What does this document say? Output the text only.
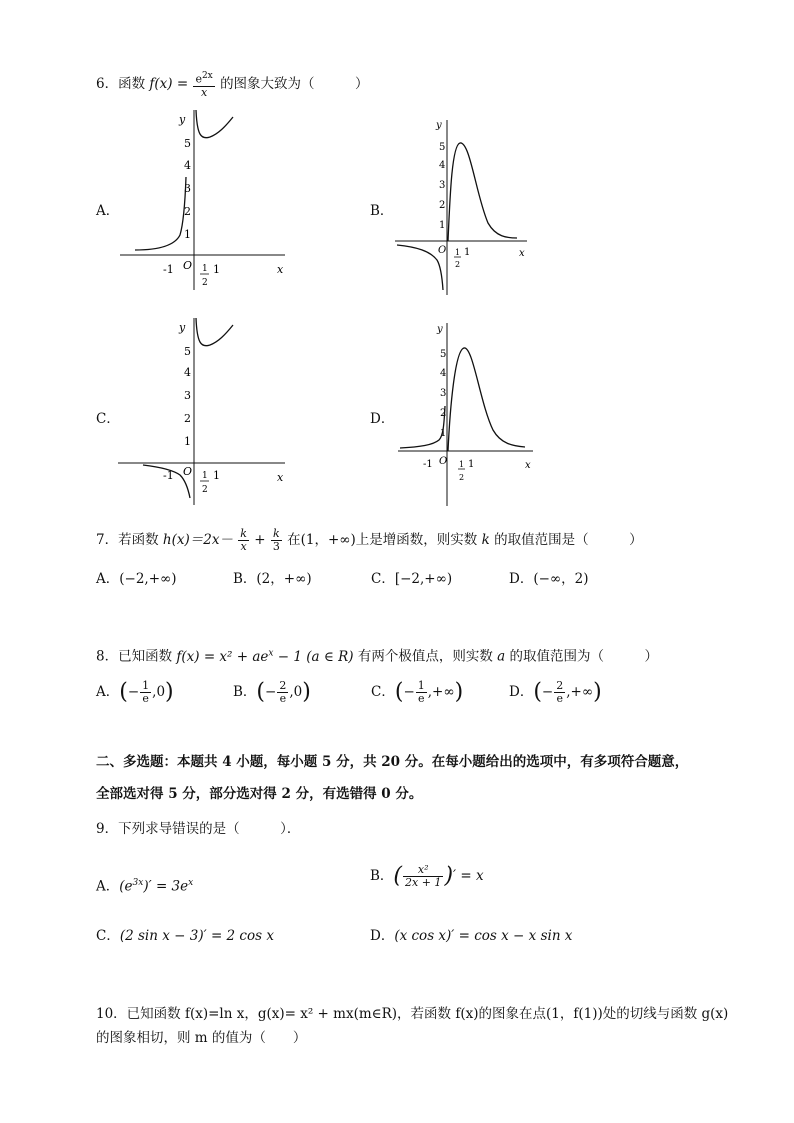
6．函数 $f(x) = \frac{e^{2x}}{x}$ 的图象大致为（　　　）
A．	B．
C．	D．
y
x
O
1
2
3
4
5
-1	1
2
1
y
x
O
1
2
3
4
5
1
2
1
y
x
O
1
2
3
4
5
-1	1
2
1
y
x
O
1
2
3
4
5
-1	1
2
1
7．若函数 $h(x)=2x- \frac{k}{x} + \frac{k}{3}$ 在(1，+∞)上是增函数，则实数 k 的取值范围是（　　　）
A．(−2,+∞)	B．(2，+∞)	C．[−2,+∞)	D．(−∞，2)
8．已知函数 $f(x) = x^2 + ae^x - 1$ (a ∈ R) 有两个极值点，则实数 a 的取值范围为（　　　）
A．(− $\frac{1}{e} ,0$)	B．(− $\frac{2}{e} ,0$)	C．(− $\frac{1}{e}$ ,+∞)	D．(− $\frac{2}{e}$ ,+∞)
二、多选题：本题共 4 小题，每小题 5 分，共 20 分。在每小题给出的选项中，有多项符合题意，
全部选对得 5 分，部分选对得 2 分，有选错得 0 分。
9．下列求导错误的是（　　　）．
A．$(e^{3x})' = 3e^x$	B．( $\frac{\text{x²}}{2x + 1}$ )′ = x
C．(2 sin x − 3)′ = 2 cos x	D．(x cos x)′ = cos x − x sin x
10．已知函数 f(x)=ln x，g(x)= x² + mx(m∈R)，若函数 f(x)的图象在点(1，f(1))处的切线与函数 g(x)
的图象相切，则 m 的值为（　　）
